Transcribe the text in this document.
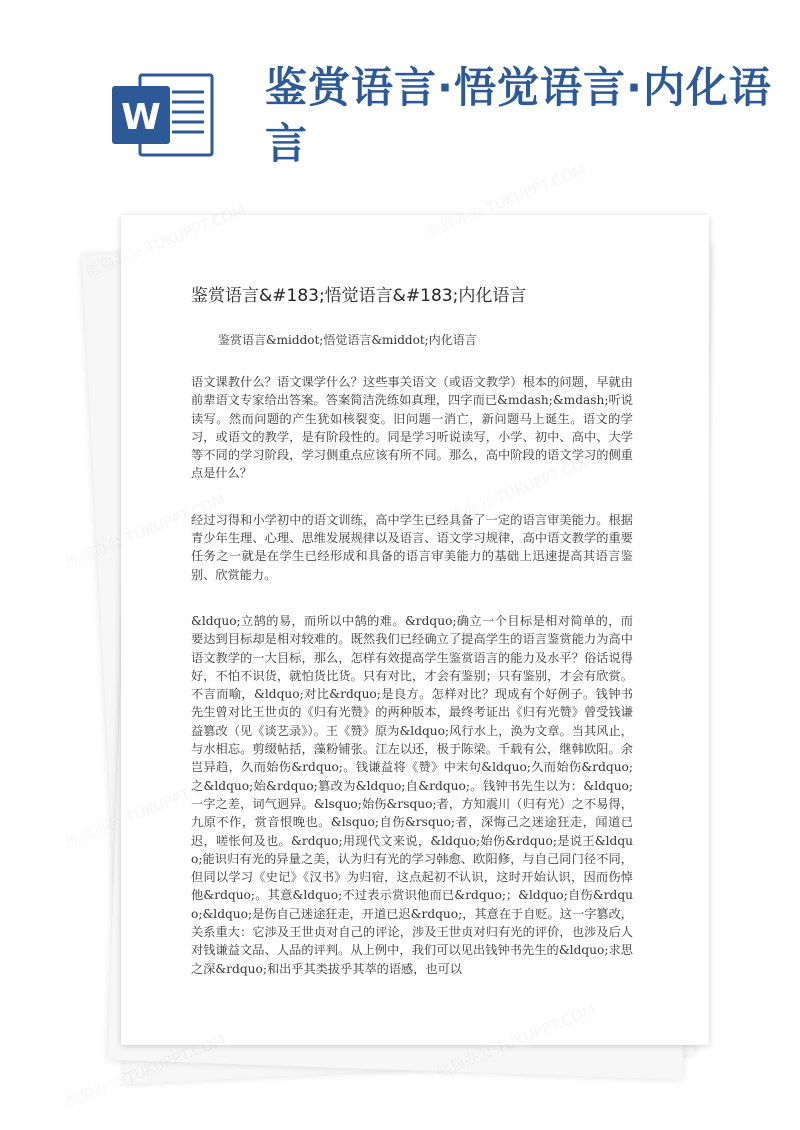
W
鉴赏语言·悟觉语言·内化语言
鉴赏语言&#183;悟觉语言&#183;内化语言
鉴赏语言&middot;悟觉语言&middot;内化语言

语文课教什么？语文课学什么？这些事关语文（或语文教学）根本的问题，早就由前辈语文专家给出答案。答案简洁洗练如真理，四字而已&mdash;&mdash;听说读写。然而问题的产生犹如核裂变。旧问题一消亡，新问题马上诞生。语文的学习，或语文的教学，是有阶段性的。同是学习听说读写，小学、初中、高中、大学等不同的学习阶段，学习侧重点应该有所不同。那么，高中阶段的语文学习的侧重点是什么？

经过习得和小学初中的语文训练，高中学生已经具备了一定的语言审美能力。根据青少年生理、心理、思维发展规律以及语言、语文学习规律，高中语文教学的重要任务之一就是在学生已经形成和具备的语言审美能力的基础上迅速提高其语言鉴别、欣赏能力。

&ldquo;立鹄的易，而所以中鹄的难。&rdquo;确立一个目标是相对简单的，而要达到目标却是相对较难的。既然我们已经确立了提高学生的语言鉴赏能力为高中语文教学的一大目标，那么，怎样有效提高学生鉴赏语言的能力及水平？俗话说得好，不怕不识货，就怕货比货。只有对比，才会有鉴别；只有鉴别，才会有欣赏。不言而喻，&ldquo;对比&rdquo;是良方。怎样对比？现成有个好例子。钱钟书先生曾对比王世贞的《归有光赞》的两种版本，最终考证出《归有光赞》曾受钱谦益篡改（见《谈艺录》）。王《赞》原为&ldquo;风行水上，涣为文章。当其风止，与水相忘。剪缀帖括，藻粉铺张。江左以还，极于陈梁。千载有公，继韩欧阳。余岂异趋，久而始伤&rdquo;。钱谦益将《赞》中末句&ldquo;久而始伤&rdquo;之&ldquo;始&rdquo;篡改为&ldquo;自&rdquo;。钱钟书先生以为：&ldquo;一字之差，词气迥异。&lsquo;始伤&rsquo;者，方知震川（归有光）之不易得，九原不作，赏音恨晚也。&lsquo;自伤&rsquo;者，深悔己之迷途狂走，闻道已迟，嗟怅何及也。&rdquo;用现代文来说，&ldquo;始伤&rdquo;是说王&ldquo;能识归有光的异量之美，认为归有光的学习韩愈、欧阳修，与自己同门径不同，但同以学习《史记》《汉书》为归宿，这点起初不认识，这时开始认识，因而伤悼他&rdquo;。其意&ldquo;不过表示赏识他而已&rdquo;；&ldquo;自伤&rdquo;&ldquo;是伤自己迷途狂走，开道已迟&rdquo;，其意在于自贬。这一字篡改，关系重大：它涉及王世贞对自己的评论，涉及王世贞对归有光的评价，也涉及后人对钱谦益文品、人品的评判。从上例中，我们可以见出钱钟书先生的&ldquo;求思之深&rdquo;和出乎其类拔乎其萃的语感，也可以
